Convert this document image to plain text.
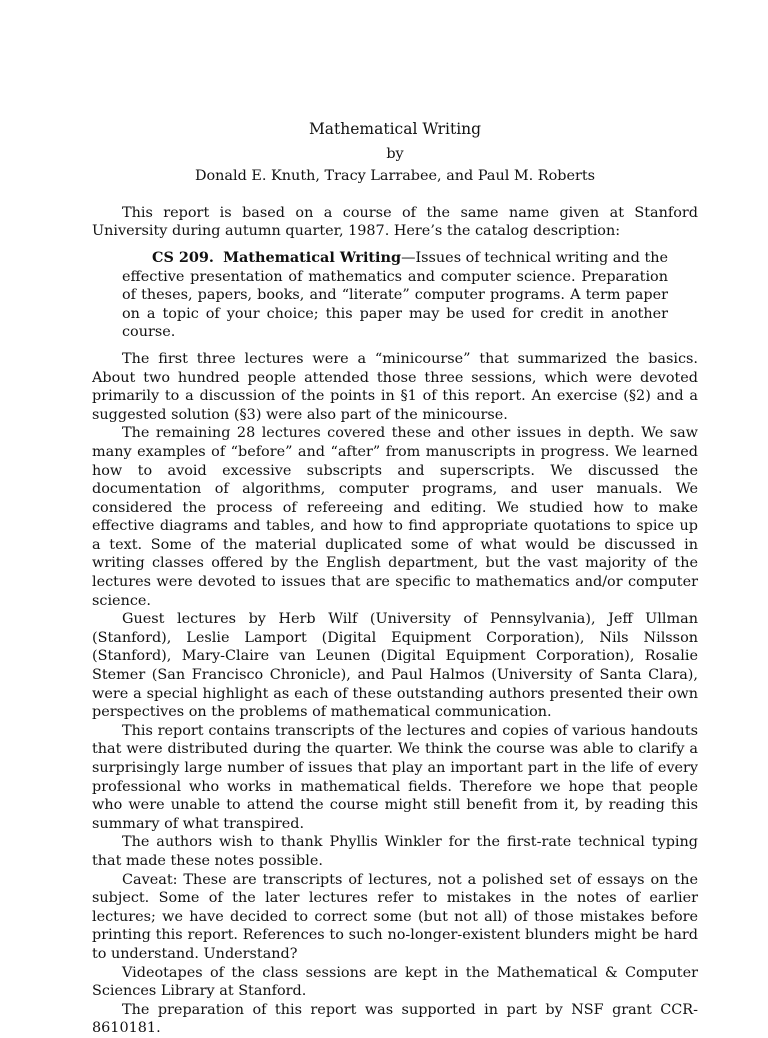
Mathematical Writing
by
Donald E. Knuth, Tracy Larrabee, and Paul M. Roberts

This report is based on a course of the same name given at Stanford University during autumn quarter, 1987. Here’s the catalog description:

CS 209. Mathematical Writing—Issues of technical writing and the effective presentation of mathematics and computer science. Preparation of theses, papers, books, and “literate” computer programs. A term paper on a topic of your choice; this paper may be used for credit in another course.

The first three lectures were a “minicourse” that summarized the basics. About two hundred people attended those three sessions, which were devoted primarily to a discussion of the points in §1 of this report. An exercise (§2) and a suggested solution (§3) were also part of the minicourse.

The remaining 28 lectures covered these and other issues in depth. We saw many examples of “before” and “after” from manuscripts in progress. We learned how to avoid excessive subscripts and superscripts. We discussed the documentation of algorithms, computer programs, and user manuals. We considered the process of refereeing and editing. We studied how to make effective diagrams and tables, and how to find appropriate quotations to spice up a text. Some of the material duplicated some of what would be discussed in writing classes offered by the English department, but the vast majority of the lectures were devoted to issues that are specific to mathematics and/or computer science.

Guest lectures by Herb Wilf (University of Pennsylvania), Jeff Ullman (Stanford), Leslie Lamport (Digital Equipment Corporation), Nils Nilsson (Stanford), Mary-Claire van Leunen (Digital Equipment Corporation), Rosalie Stemer (San Francisco Chronicle), and Paul Halmos (University of Santa Clara), were a special highlight as each of these outstanding authors presented their own perspectives on the problems of mathematical communication.

This report contains transcripts of the lectures and copies of various handouts that were distributed during the quarter. We think the course was able to clarify a surprisingly large number of issues that play an important part in the life of every professional who works in mathematical fields. Therefore we hope that people who were unable to attend the course might still benefit from it, by reading this summary of what transpired.

The authors wish to thank Phyllis Winkler for the first-rate technical typing that made these notes possible.

Caveat: These are transcripts of lectures, not a polished set of essays on the subject. Some of the later lectures refer to mistakes in the notes of earlier lectures; we have decided to correct some (but not all) of those mistakes before printing this report. References to such no-longer-existent blunders might be hard to understand. Understand?

Videotapes of the class sessions are kept in the Mathematical & Computer Sciences Library at Stanford.

The preparation of this report was supported in part by NSF grant CCR-8610181.
